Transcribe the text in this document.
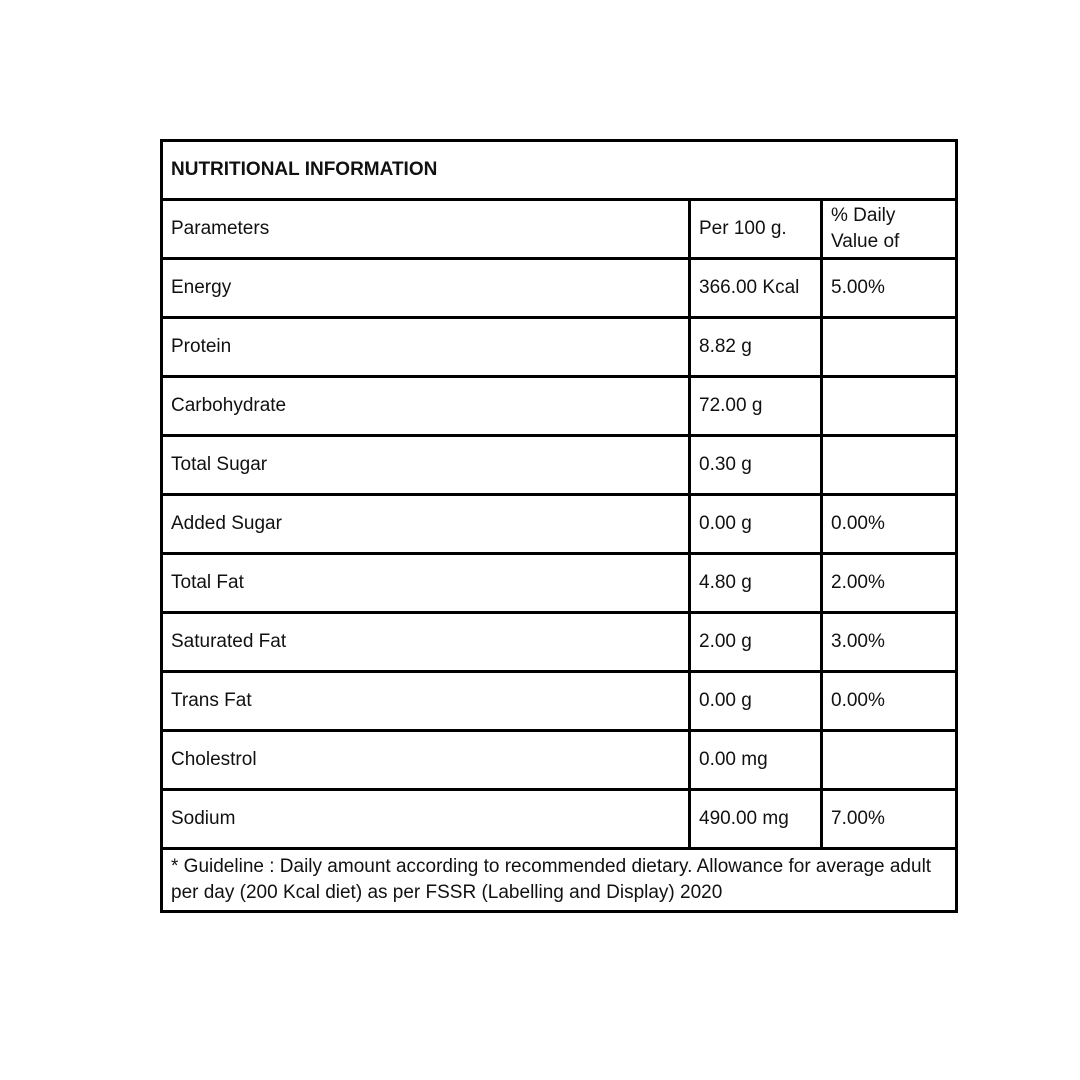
NUTRITIONAL INFORMATION		
Parameters	Per 100 g.	% Daily Value of
Energy	366.00 Kcal	5.00%
Protein	8.82 g	
Carbohydrate	72.00 g	
Total Sugar	0.30 g	
Added Sugar	0.00 g	0.00%
Total Fat	4.80 g	2.00%
Saturated Fat	2.00 g	3.00%
Trans Fat	0.00 g	0.00%
Cholestrol	0.00 mg	
Sodium	490.00 mg	7.00%
* Guideline : Daily amount according to recommended dietary. Allowance for average adult per day (200 Kcal diet) as per FSSR (Labelling and Display) 2020		
